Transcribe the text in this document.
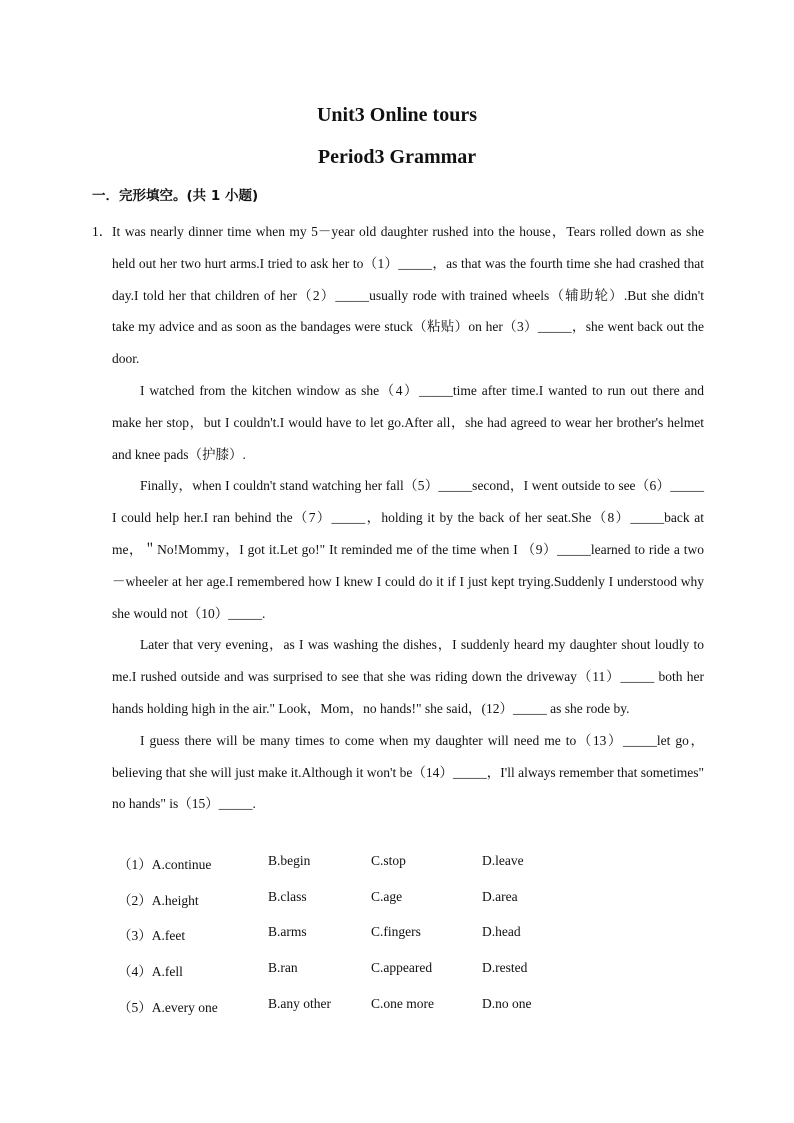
Unit3 Online tours
Period3 Grammar
一．完形填空。(共 1 小题)

1．It was nearly dinner time when my 5－year old daughter rushed into the house，Tears rolled down as she held out her two hurt arms.I tried to ask her to（1）_____，as that was the fourth time she had crashed that day.I told her that children of her（2）_____usually rode with trained wheels（辅助轮）.But she didn't take my advice and as soon as the bandages were stuck（粘贴）on her（3）_____，she went back out the door.

I watched from the kitchen window as she（4）_____time after time.I wanted to run out there and make her stop，but I couldn't.I would have to let go.After all，she had agreed to wear her brother's helmet and knee pads（护膝）.

Finally，when I couldn't stand watching her fall（5）_____second，I went outside to see（6）_____ I could help her.I ran behind the（7）_____，holding it by the back of her seat.She（8）_____back at me，＂No!Mommy，I got it.Let go!" It reminded me of the time when I （9）_____learned to ride a two－wheeler at her age.I remembered how I knew I could do it if I just kept trying.Suddenly I understood why she would not（10）_____.

Later that very evening，as I was washing the dishes，I suddenly heard my daughter shout loudly to me.I rushed outside and was surprised to see that she was riding down the driveway（11）_____ both her hands holding high in the air." Look，Mom，no hands!" she said，(12）_____ as she rode by.

I guess there will be many times to come when my daughter will need me to（13）_____let go，believing that she will just make it.Although it won't be（14）_____，I'll always remember that sometimes" no hands" is（15）_____.

（1）A.continue	B.begin	C.stop	D.leave
（2）A.height	B.class	C.age	D.area
（3）A.feet	B.arms	C.fingers	D.head
（4）A.fell	B.ran	C.appeared	D.rested
（5）A.every one	B.any other	C.one more	D.no one
